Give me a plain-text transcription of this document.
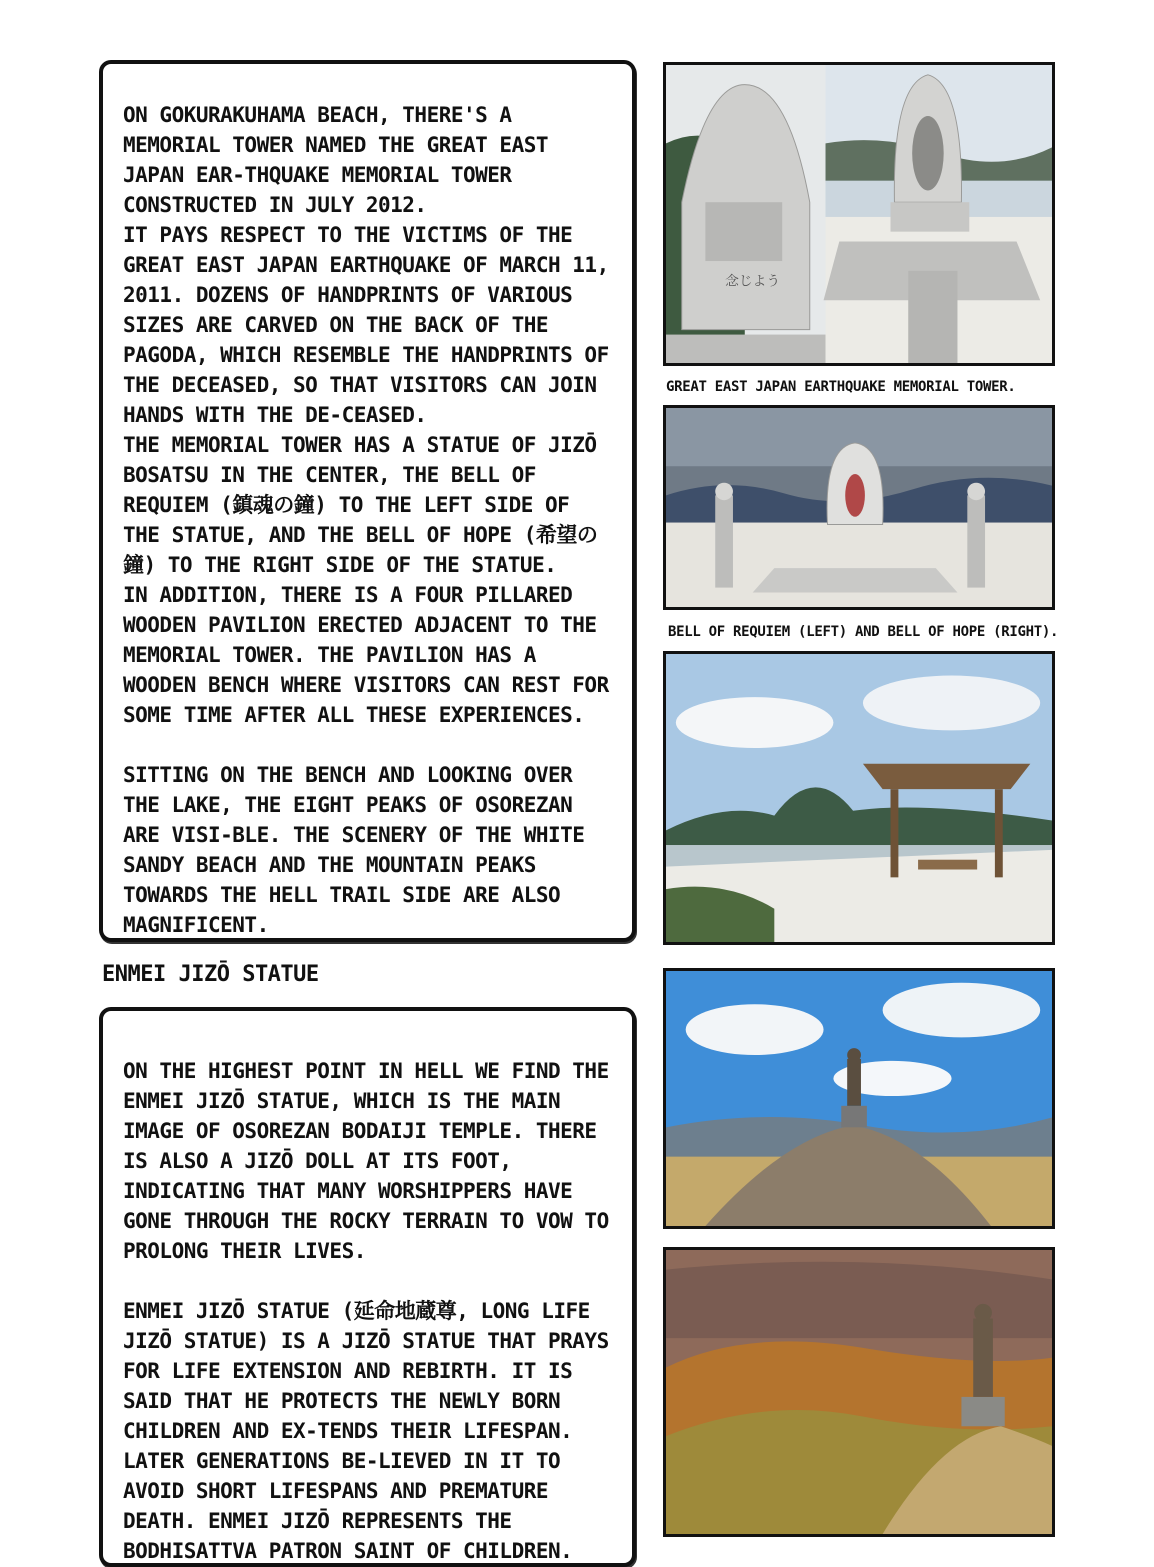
ON GOKURAKUHAMA BEACH, THERE'S A MEMORIAL TOWER NAMED THE GREAT EAST JAPAN EAR-THQUAKE MEMORIAL TOWER CONSTRUCTED IN JULY 2012.

IT PAYS RESPECT TO THE VICTIMS OF THE GREAT EAST JAPAN EARTHQUAKE OF MARCH 11, 2011. DOZENS OF HANDPRINTS OF VARIOUS SIZES ARE CARVED ON THE BACK OF THE PAGODA, WHICH RESEMBLE THE HANDPRINTS OF THE DECEASED, SO THAT VISITORS CAN JOIN HANDS WITH THE DE-CEASED.

THE MEMORIAL TOWER HAS A STATUE OF JIZŌ BOSATSU IN THE CENTER, THE BELL OF REQUIEM (鎮魂の鐘) TO THE LEFT SIDE OF THE STATUE, AND THE BELL OF HOPE (希望の鐘) TO THE RIGHT SIDE OF THE STATUE.

IN ADDITION, THERE IS A FOUR PILLARED WOODEN PAVILION ERECTED ADJACENT TO THE MEMORIAL TOWER. THE PAVILION HAS A WOODEN BENCH WHERE VISITORS CAN REST FOR SOME TIME AFTER ALL THESE EXPERIENCES.

SITTING ON THE BENCH AND LOOKING OVER THE LAKE, THE EIGHT PEAKS OF OSOREZAN ARE VISI-BLE. THE SCENERY OF THE WHITE SANDY BEACH AND THE MOUNTAIN PEAKS TOWARDS THE HELL TRAIL SIDE ARE ALSO MAGNIFICENT.

ENMEI JIZŌ STATUE

ON THE HIGHEST POINT IN HELL WE FIND THE ENMEI JIZŌ STATUE, WHICH IS THE MAIN IMAGE OF OSOREZAN BODAIJI TEMPLE. THERE IS ALSO A JIZŌ DOLL AT ITS FOOT, INDICATING THAT MANY WORSHIPPERS HAVE GONE THROUGH THE ROCKY TERRAIN TO VOW TO PROLONG THEIR LIVES.

ENMEI JIZŌ STATUE (延命地蔵尊, LONG LIFE JIZŌ STATUE) IS A JIZŌ STATUE THAT PRAYS FOR LIFE EXTENSION AND REBIRTH. IT IS SAID THAT HE PROTECTS THE NEWLY BORN CHILDREN AND EX-TENDS THEIR LIFESPAN. LATER GENERATIONS BE-LIEVED IN IT TO AVOID SHORT LIFESPANS AND PREMATURE DEATH. ENMEI JIZŌ REPRESENTS THE BODHISATTVA PATRON SAINT OF CHILDREN.

念じよう
GREAT EAST JAPAN EARTHQUAKE MEMORIAL TOWER.
BELL OF REQUIEM (LEFT) AND BELL OF HOPE (RIGHT).
